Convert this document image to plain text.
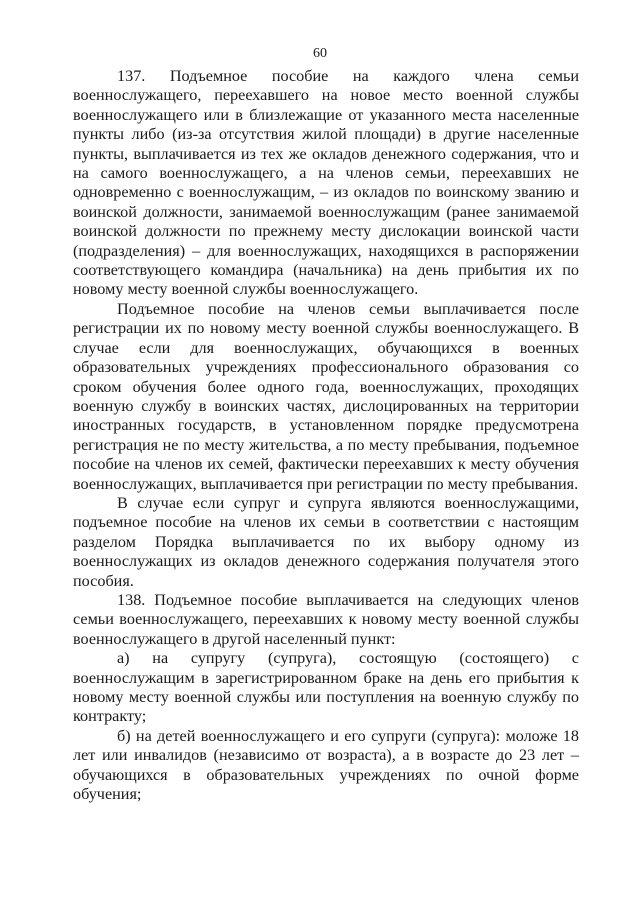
60

137. Подъемное пособие на каждого члена семьи военнослужащего, переехавшего на новое место военной службы военнослужащего или в близлежащие от указанного места населенные пункты либо (из-за отсутствия жилой площади) в другие населенные пункты, выплачивается из тех же окладов денежного содержания, что и на самого военнослужащего, а на членов семьи, переехавших не одновременно с военнослужащим, – из окладов по воинскому званию и воинской должности, занимаемой военнослужащим (ранее занимаемой воинской должности по прежнему месту дислокации воинской части (подразделения) – для военнослужащих, находящихся в распоряжении соответствующего командира (начальника) на день прибытия их по новому месту военной службы военнослужащего.

Подъемное пособие на членов семьи выплачивается после регистрации их по новому месту военной службы военнослужащего. В случае если для военнослужащих, обучающихся в военных образовательных учреждениях профессионального образования со сроком обучения более одного года, военнослужащих, проходящих военную службу в воинских частях, дислоцированных на территории иностранных государств, в установленном порядке предусмотрена регистрация не по месту жительства, а по месту пребывания, подъемное пособие на членов их семей, фактически переехавших к месту обучения военнослужащих, выплачивается при регистрации по месту пребывания.

В случае если супруг и супруга являются военнослужащими, подъемное пособие на членов их семьи в соответствии с настоящим разделом Порядка выплачивается по их выбору одному из военнослужащих из окладов денежного содержания получателя этого пособия.

138. Подъемное пособие выплачивается на следующих членов семьи военнослужащего, переехавших к новому месту военной службы военнослужащего в другой населенный пункт:

а) на супругу (супруга), состоящую (состоящего) с военнослужащим в зарегистрированном браке на день его прибытия к новому месту военной службы или поступления на военную службу по контракту;

б) на детей военнослужащего и его супруги (супруга): моложе 18 лет или инвалидов (независимо от возраста), а в возрасте до 23 лет – обучающихся в образовательных учреждениях по очной форме обучения;
